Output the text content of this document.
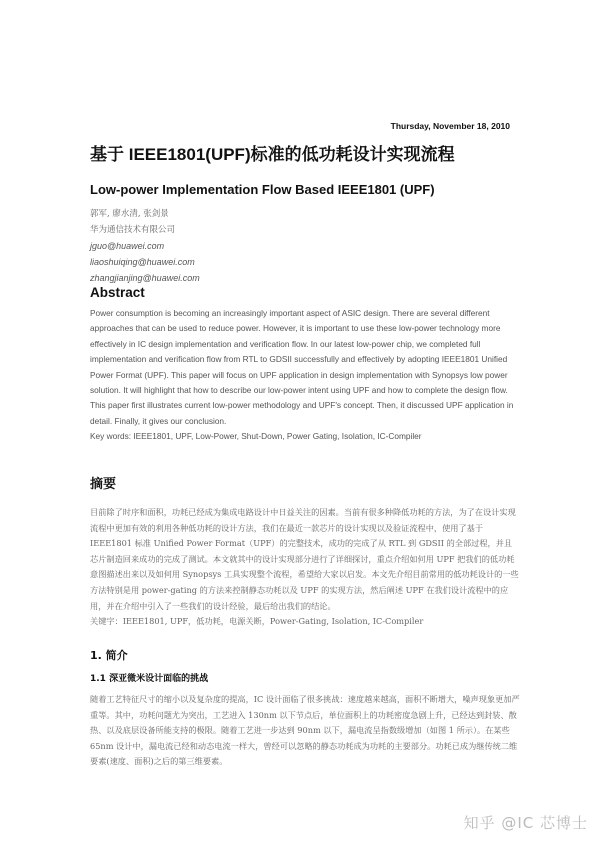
Thursday, November 18, 2010
基于 IEEE1801(UPF)标准的低功耗设计实现流程
Low-power Implementation Flow Based IEEE1801 (UPF)
郭军, 廖水清, 张剑景
华为通信技术有限公司
jguo@huawei.com
liaoshuiqing@huawei.com
zhangjianjing@huawei.com
Abstract

Power consumption is becoming an increasingly important aspect of ASIC design. There are several different approaches that can be used to reduce power. However, it is important to use these low-power technology more effectively in IC design implementation and verification flow. In our latest low-power chip, we completed full implementation and verification flow from RTL to GDSII successfully and effectively by adopting IEEE1801 Unified Power Format (UPF). This paper will focus on UPF application in design implementation with Synopsys low power solution. It will highlight that how to describe our low-power intent using UPF and how to complete the design flow. This paper first illustrates current low-power methodology and UPF's concept. Then, it discussed UPF application in detail. Finally, it gives our conclusion.

Key words: IEEE1801, UPF, Low-Power, Shut-Down, Power Gating, Isolation, IC-Compiler

摘要

目前除了时序和面积，功耗已经成为集成电路设计中日益关注的因素。当前有很多种降低功耗的方法，为了在设计实现流程中更加有效的利用各种低功耗的设计方法，我们在最近一款芯片的设计实现以及验证流程中，使用了基于 IEEE1801 标准 Unified Power Format（UPF）的完整技术，成功的完成了从 RTL 到 GDSII 的全部过程，并且芯片制造回来成功的完成了测试。本文就其中的设计实现部分进行了详细探讨，重点介绍如何用 UPF 把我们的低功耗意图描述出来以及如何用 Synopsys 工具实现整个流程，希望给大家以启发。本文先介绍目前常用的低功耗设计的一些方法特别是用 power-gating 的方法来控制静态功耗以及 UPF 的实现方法，然后阐述 UPF 在我们设计流程中的应用，并在介绍中引入了一些我们的设计经验，最后给出我们的结论。

关键字：IEEE1801, UPF，低功耗，电源关断，Power-Gating, Isolation, IC-Compiler

1. 简介
1.1 深亚微米设计面临的挑战
随着工艺特征尺寸的缩小以及复杂度的提高，IC 设计面临了很多挑战：速度越来越高，面积不断增大，噪声现象更加严重等。其中，功耗问题尤为突出，工艺进入 130nm 以下节点后，单位面积上的功耗密度急剧上升，已经达到封装、散热、以及底层设备所能支持的极限。随着工艺进一步达到 90nm 以下，漏电流呈指数级增加（如图 1 所示）。在某些 65nm 设计中，漏电流已经和动态电流一样大，曾经可以忽略的静态功耗成为功耗的主要部分。功耗已成为继传统二维要素(速度、面积)之后的第三维要素。
知乎 @IC 芯博士
